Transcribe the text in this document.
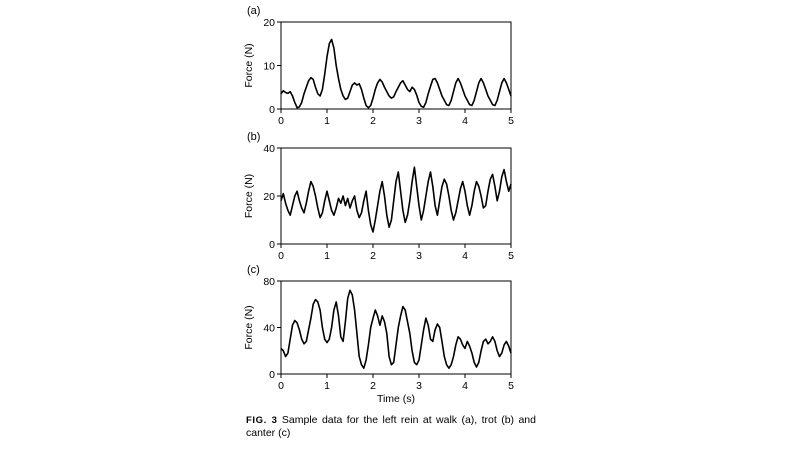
(a)
0	1	2	3	4	5
0
10
20
Force (N)
(b)
0	1	2	3	4	5
0
20
40
Force (N)
(c)
0	1	2	3	4	5
0
40
80
Force (N)
Time (s)
FIG. 3 Sample data for the left rein at walk (a), trot (b) and canter (c)
